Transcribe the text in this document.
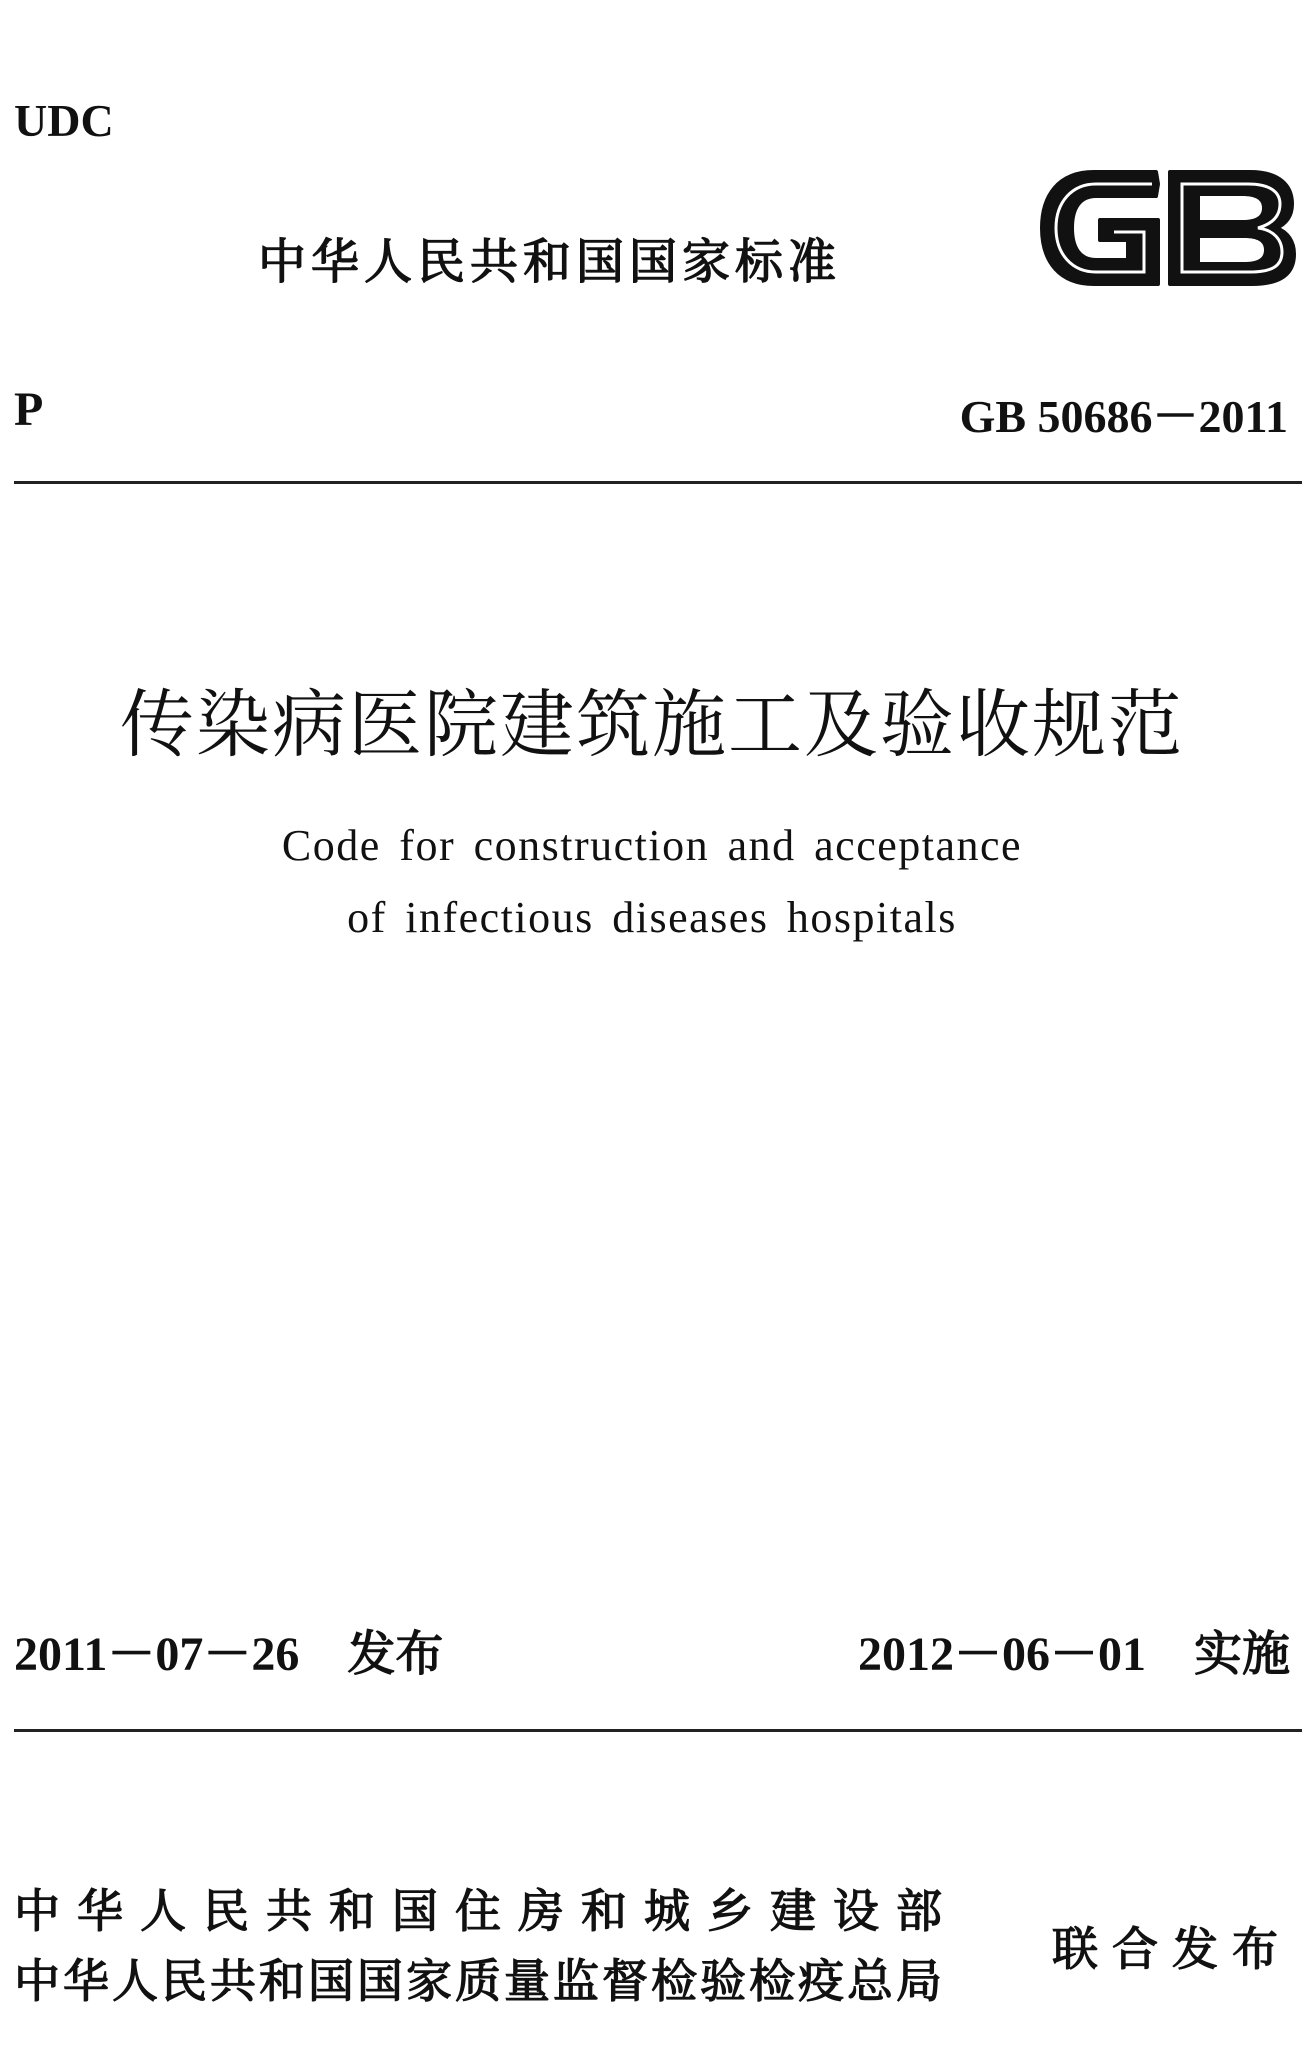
UDC
中华人民共和国国家标准
P	GB 50686－2011
传染病医院建筑施工及验收规范
Code for construction and acceptance
of infectious diseases hospitals
2011－07－26 发布	2012－06－01 实施
中华人民共和国住房和城乡建设部
中华人民共和国国家质量监督检验检疫总局
联合发布
